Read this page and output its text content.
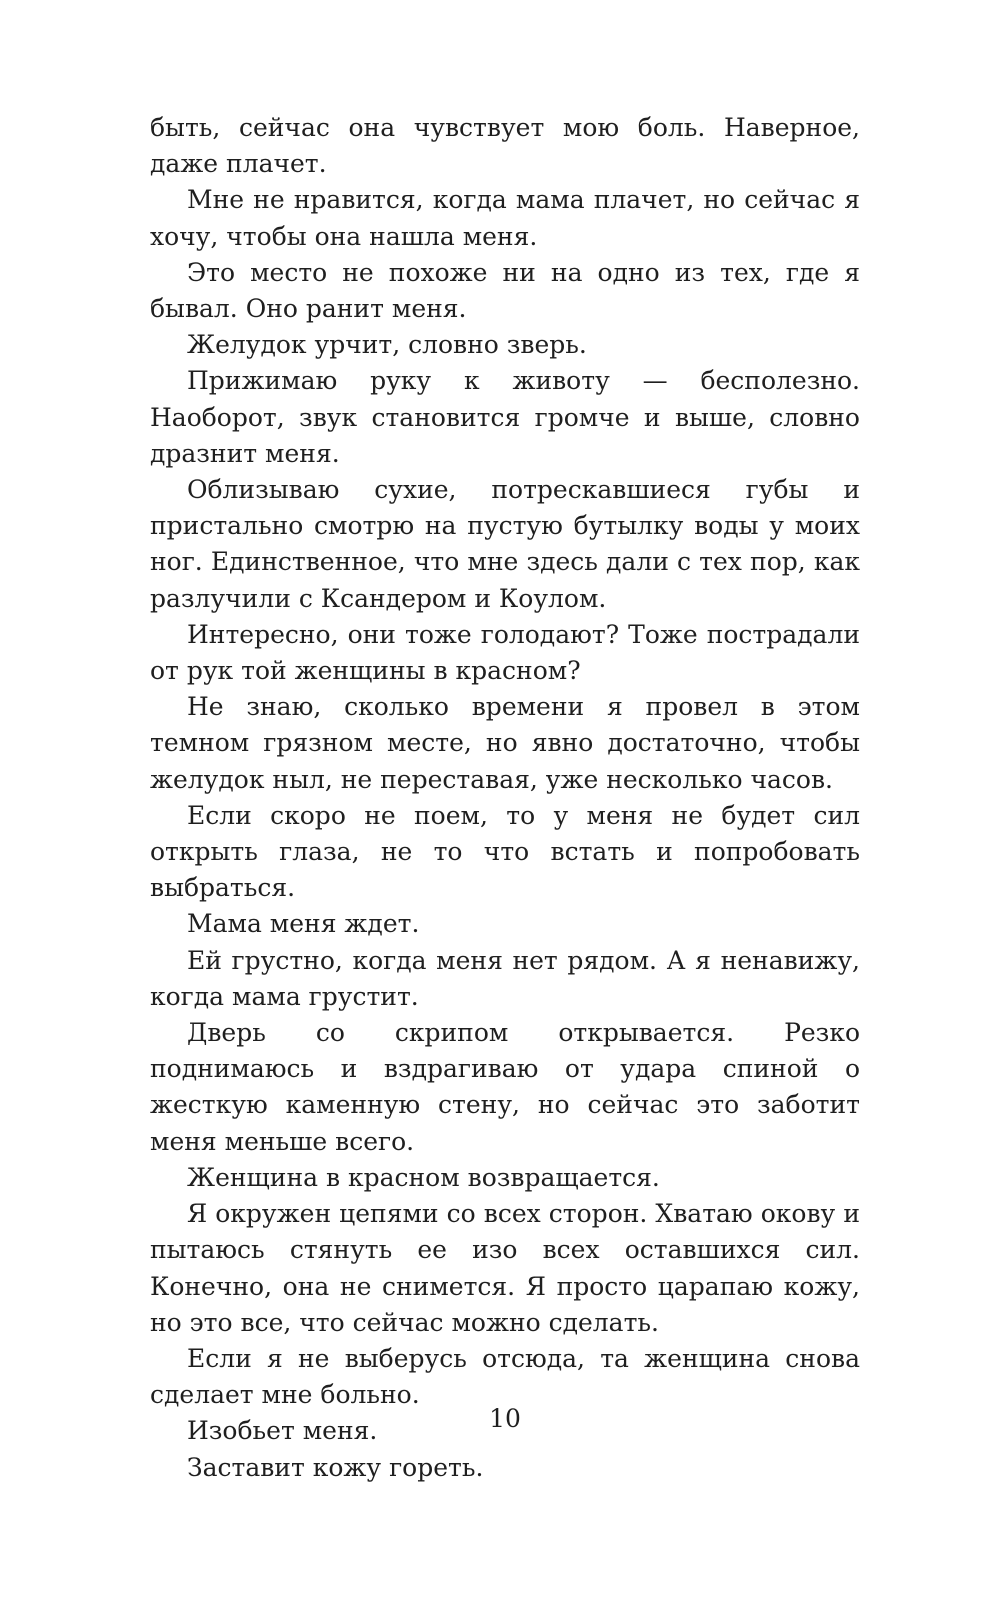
быть, сейчас она чувствует мою боль. Наверное, даже плачет.

Мне не нравится, когда мама плачет, но сейчас я хочу, чтобы она нашла меня.

Это место не похоже ни на одно из тех, где я бывал. Оно ранит меня.

Желудок урчит, словно зверь.

Прижимаю руку к животу — бесполезно. Наоборот, звук становится громче и выше, словно дразнит меня.

Облизываю сухие, потрескавшиеся губы и пристально смотрю на пустую бутылку воды у моих ног. Единственное, что мне здесь дали с тех пор, как разлучили с Ксандером и Коулом.

Интересно, они тоже голодают? Тоже пострадали от рук той женщины в красном?

Не знаю, сколько времени я провел в этом темном грязном месте, но явно достаточно, чтобы желудок ныл, не переставая, уже несколько часов.

Если скоро не поем, то у меня не будет сил открыть глаза, не то что встать и попробовать выбраться.

Мама меня ждет.

Ей грустно, когда меня нет рядом. А я ненавижу, когда мама грустит.

Дверь со скрипом открывается. Резко поднимаюсь и вздрагиваю от удара спиной о жесткую каменную стену, но сейчас это заботит меня меньше всего.

Женщина в красном возвращается.

Я окружен цепями со всех сторон. Хватаю окову и пытаюсь стянуть ее изо всех оставшихся сил. Конечно, она не снимется. Я просто царапаю кожу, но это все, что сейчас можно сделать.

Если я не выберусь отсюда, та женщина снова сделает мне больно.

Изобьет меня.

Заставит кожу гореть.

10
